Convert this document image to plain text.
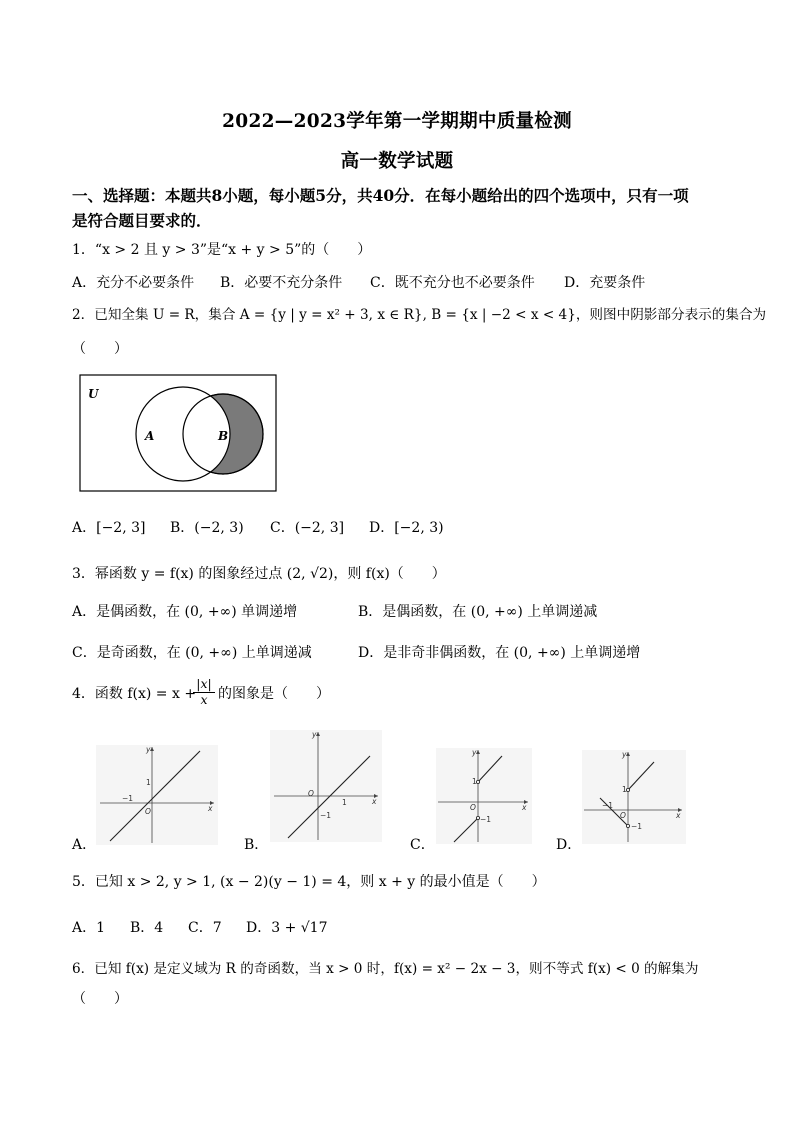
2022—2023学年第一学期期中质量检测
高一数学试题
一、选择题：本题共8小题，每小题5分，共40分．在每小题给出的四个选项中，只有一项
是符合题目要求的．
1．“x > 2 且 y > 3”是“x + y > 5”的（　　）
A．充分不必要条件 B．必要不充分条件 C．既不充分也不必要条件 D．充要条件
2．已知全集 U = R，集合 A = {y | y = x² + 3, x ∈ R}, B = {x | −2 < x < 4}，则图中阴影部分表示的集合为
（　　）
U
A	B
A．[−2, 3] B．(−2, 3) C．(−2, 3] D．[−2, 3)
3．幂函数 y = f(x) 的图象经过点 (2, √2)，则 f(x)（　　）
A．是偶函数，在 (0, +∞) 单调递增	B．是偶函数，在 (0, +∞) 上单调递减
C．是奇函数，在 (0, +∞) 上单调递减	D．是非奇非偶函数，在 (0, +∞) 上单调递增
4．函数 f(x) = x +
$\frac{|x|}{x}$ 的图象是（　　）
A．
x
y
O
1
−1
B．
x
y
O
1
−1
C．
x
y
O
1
−1
D．
x
y
O
1
−1
−1
5．已知 x > 2, y > 1, (x − 2)(y − 1) = 4，则 x + y 的最小值是（　　）
A．1 B．4 C．7 D．3 + √17
6．已知 f(x) 是定义域为 R 的奇函数，当 x > 0 时，f(x) = x² − 2x − 3，则不等式 f(x) < 0 的解集为
（　　）
